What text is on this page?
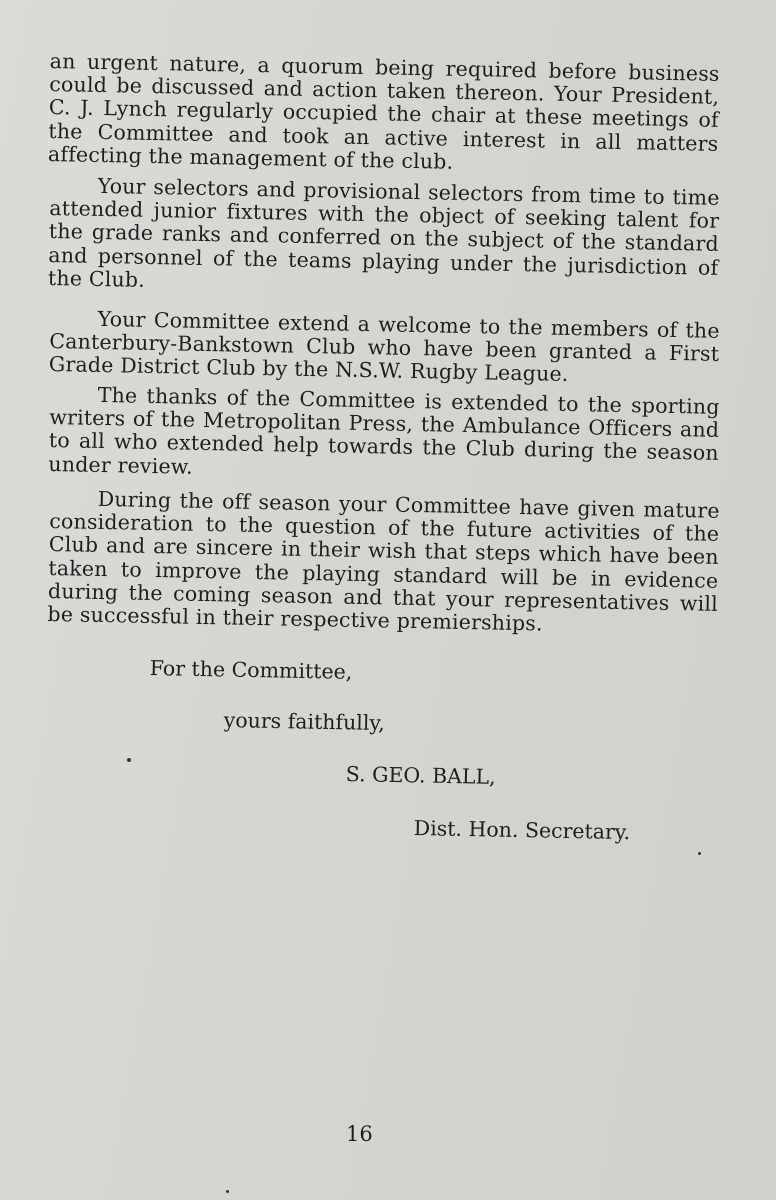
an urgent nature, a quorum being required before business could be discussed and action taken thereon. Your President, C. J. Lynch regularly occupied the chair at these meetings of the Committee and took an active interest in all matters affecting the management of the club.

Your selectors and provisional selectors from time to time attended junior fixtures with the object of seeking talent for the grade ranks and conferred on the subject of the standard and personnel of the teams playing under the jurisdiction of the Club.

Your Committee extend a welcome to the members of the Canterbury-Bankstown Club who have been granted a First Grade District Club by the N.S.W. Rugby League.

The thanks of the Committee is extended to the sporting writers of the Metropolitan Press, the Ambulance Officers and to all who extended help towards the Club during the season under review.

During the off season your Committee have given mature consideration to the question of the future activities of the Club and are sincere in their wish that steps which have been taken to improve the playing standard will be in evidence during the coming season and that your representatives will be successful in their respective premierships.

For the Committee,

yours faithfully,

S. GEO. BALL,

Dist. Hon. Secretary.

16
